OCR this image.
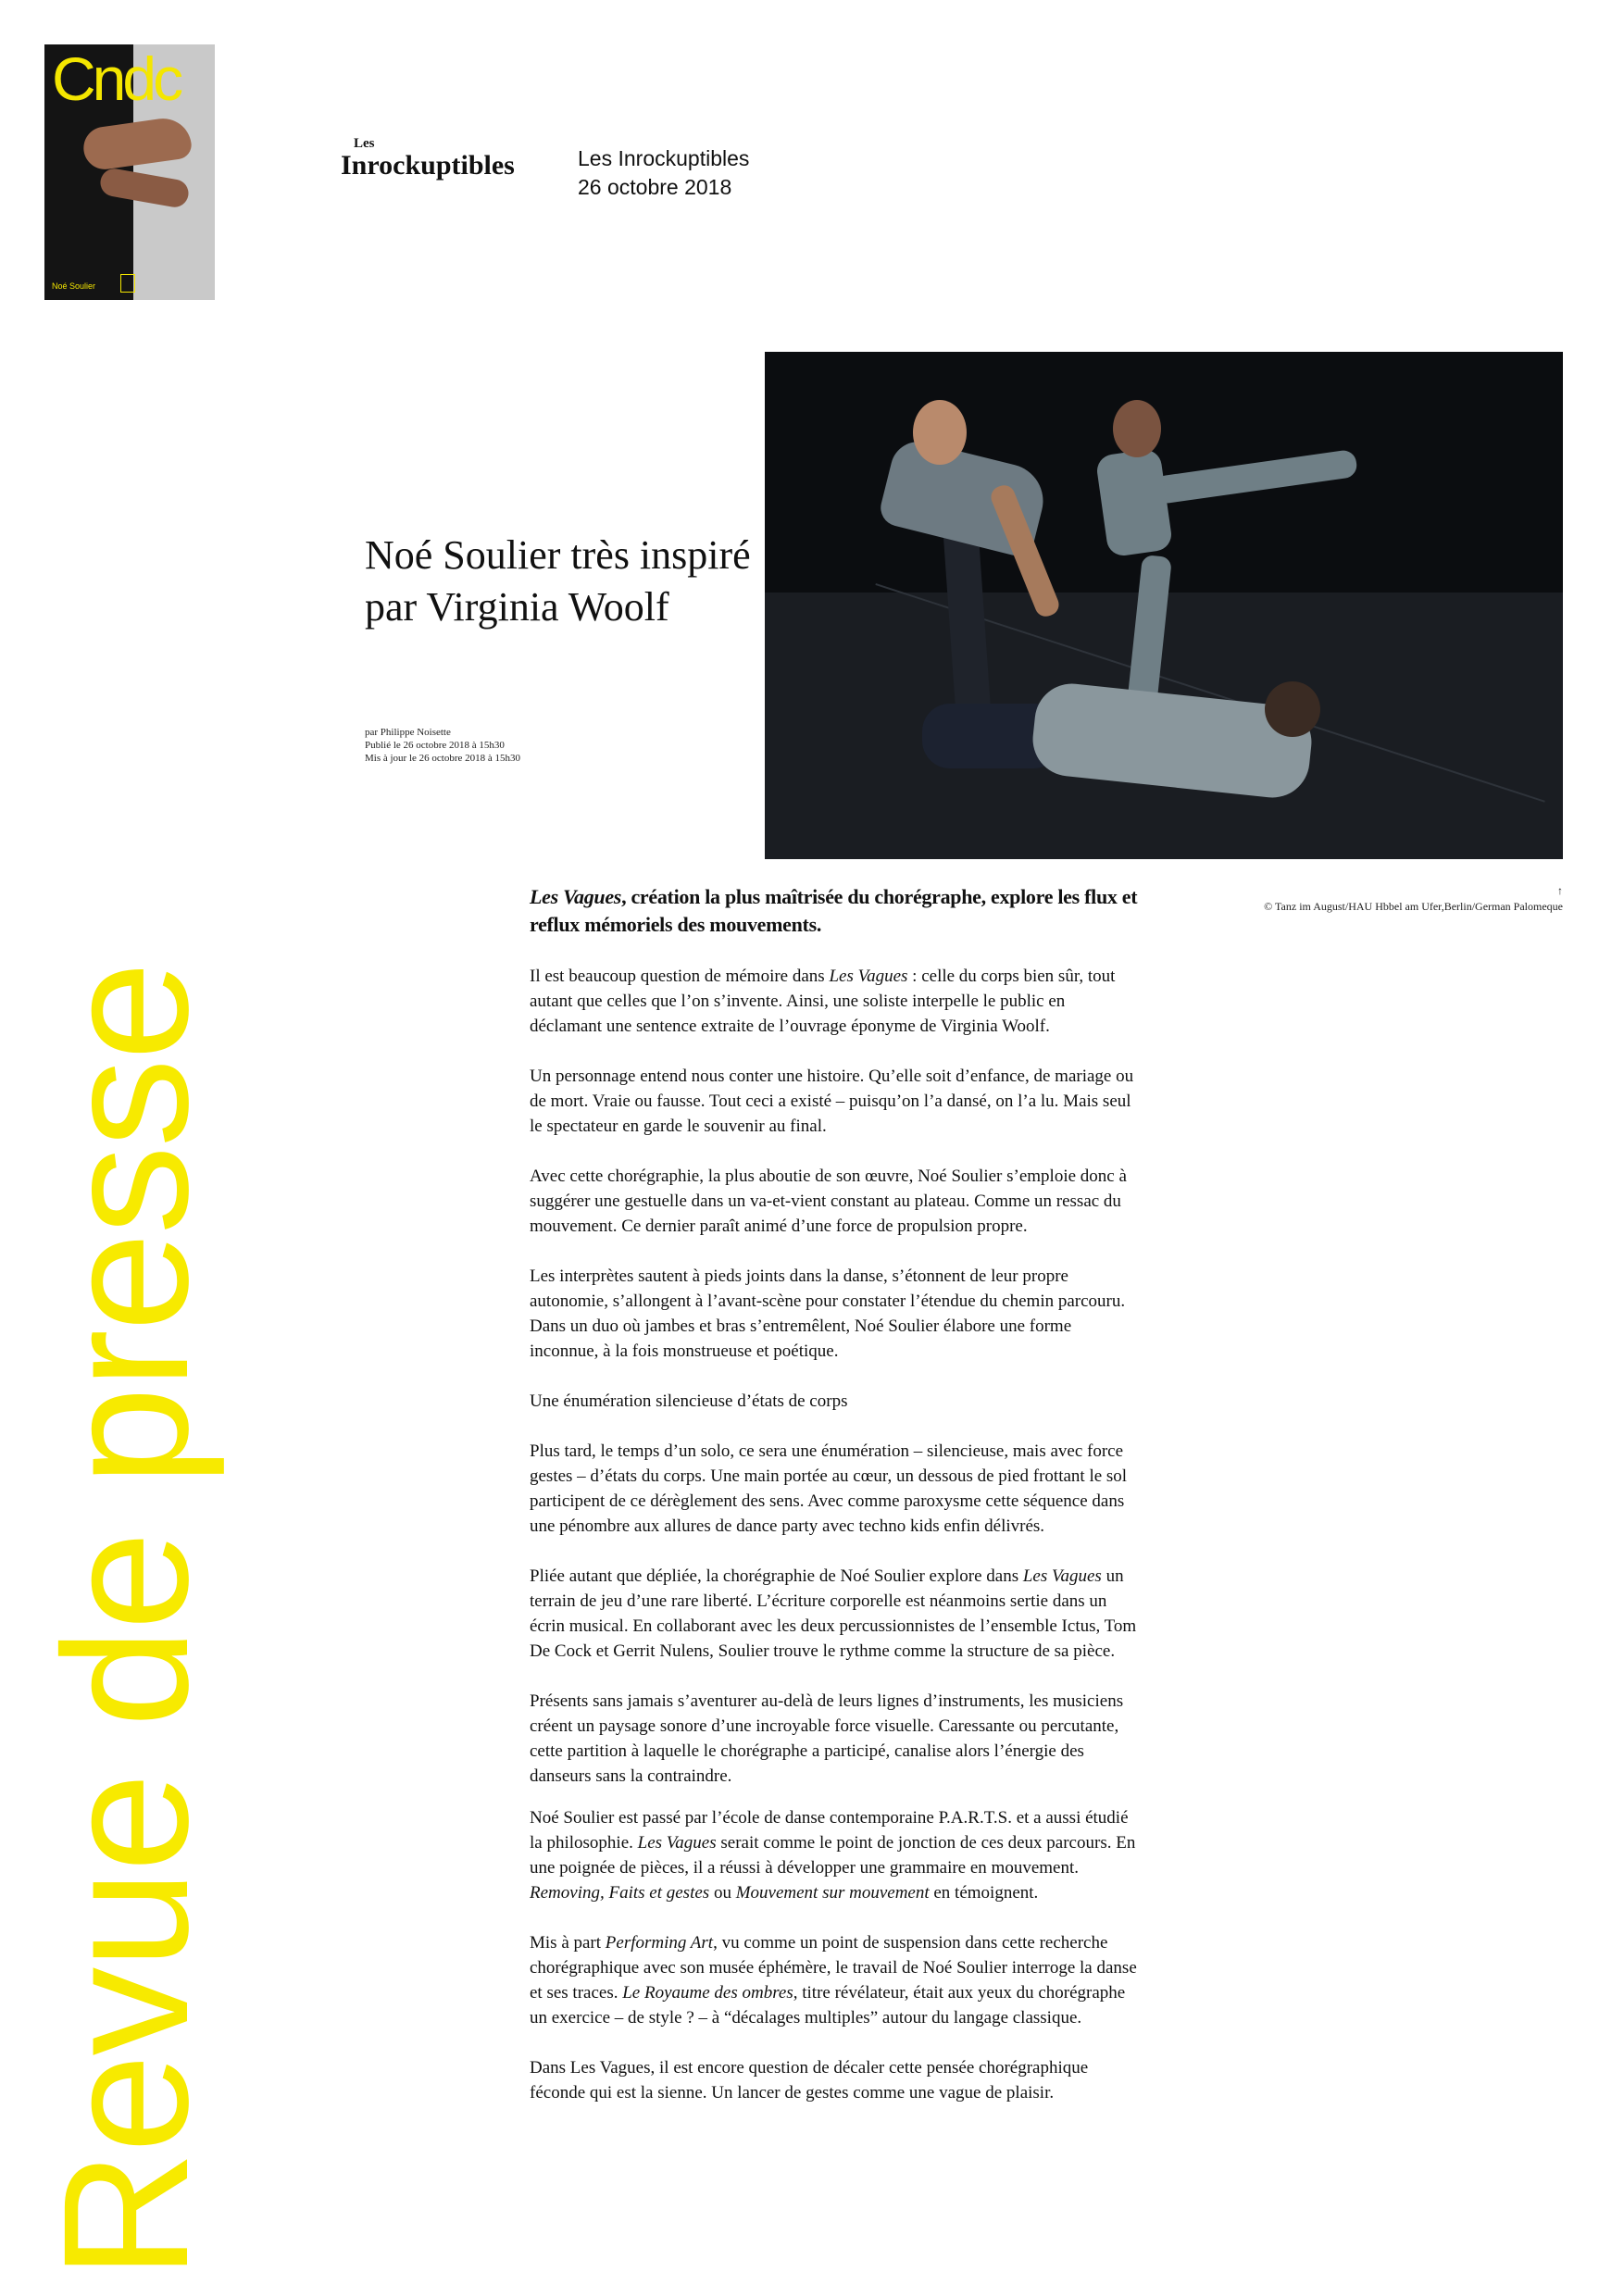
Cndc
Noé Soulier
Les
Inrockuptibles	Les Inrockuptibles
26 octobre 2018
Revue de presse
↑
© Tanz im August/HAU Hbbel am Ufer,Berlin/German Palomeque
Noé Soulier très inspiré par Virginia Woolf
par Philippe Noisette
Publié le 26 octobre 2018 à 15h30
Mis à jour le 26 octobre 2018 à 15h30

Les Vagues, création la plus maîtrisée du chorégraphe, explore les flux et reflux mémoriels des mouvements.

Il est beaucoup question de mémoire dans Les Vagues : celle du corps bien sûr, tout autant que celles que l’on s’invente. Ainsi, une soliste interpelle le public en déclamant une sentence extraite de l’ouvrage éponyme de Virginia Woolf.

Un personnage entend nous conter une histoire. Qu’elle soit d’enfance, de mariage ou de mort. Vraie ou fausse. Tout ceci a existé – puisqu’on l’a dansé, on l’a lu. Mais seul le spectateur en garde le souvenir au final.

Avec cette chorégraphie, la plus aboutie de son œuvre, Noé Soulier s’emploie donc à suggérer une gestuelle dans un va-et-vient constant au plateau. Comme un ressac du mouvement. Ce dernier paraît animé d’une force de propulsion propre.

Les interprètes sautent à pieds joints dans la danse, s’étonnent de leur propre autonomie, s’allongent à l’avant-scène pour constater l’étendue du chemin parcouru. Dans un duo où jambes et bras s’entremêlent, Noé Soulier élabore une forme inconnue, à la fois monstrueuse et poétique.

Une énumération silencieuse d’états de corps

Plus tard, le temps d’un solo, ce sera une énumération – silencieuse, mais avec force gestes – d’états du corps. Une main portée au cœur, un dessous de pied frottant le sol participent de ce dérèglement des sens. Avec comme paroxysme cette séquence dans une pénombre aux allures de dance party avec techno kids enfin délivrés.

Pliée autant que dépliée, la chorégraphie de Noé Soulier explore dans Les Vagues un terrain de jeu d’une rare liberté. L’écriture corporelle est néanmoins sertie dans un écrin musical. En collaborant avec les deux percussionnistes de l’ensemble Ictus, Tom De Cock et Gerrit Nulens, Soulier trouve le rythme comme la structure de sa pièce.

Présents sans jamais s’aventurer au-delà de leurs lignes d’instruments, les musiciens créent un paysage sonore d’une incroyable force visuelle. Caressante ou percutante, cette partition à laquelle le chorégraphe a participé, canalise alors l’énergie des danseurs sans la contraindre.

Noé Soulier est passé par l’école de danse contemporaine P.A.R.T.S. et a aussi étudié la philosophie. Les Vagues serait comme le point de jonction de ces deux parcours. En une poignée de pièces, il a réussi à développer une grammaire en mouvement. Removing, Faits et gestes ou Mouvement sur mouvement en témoignent.

Mis à part Performing Art, vu comme un point de suspension dans cette recherche chorégraphique avec son musée éphémère, le travail de Noé Soulier interroge la danse et ses traces. Le Royaume des ombres, titre révélateur, était aux yeux du chorégraphe un exercice – de style ? – à “décalages multiples” autour du langage classique.

Dans Les Vagues, il est encore question de décaler cette pensée chorégraphique féconde qui est la sienne. Un lancer de gestes comme une vague de plaisir.
